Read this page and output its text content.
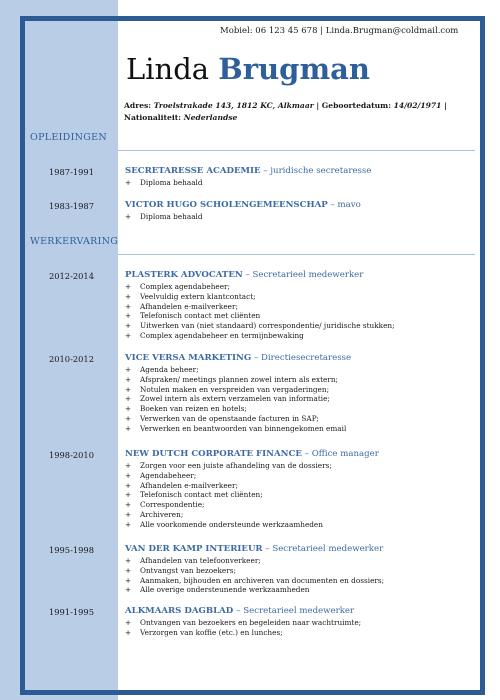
Mobiel: 06 123 45 678 | Linda.Brugman@coldmail.com
Linda Brugman
Adres: Troelstrakade 143, 1812 KC, Alkmaar | Geboortedatum: 14/02/1971 | Nationaliteit: Nederlandse
OPLEIDINGEN
WERKERVARING
1987-1991	SECRETARESSE ACADEMIE – juridische secretaresse
+ Diploma behaald
1983-1987	VICTOR HUGO SCHOLENGEMEENSCHAP – mavo
+ Diploma behaald
2012-2014	PLASTERK ADVOCATEN – Secretarieel medewerker
+ Complex agendabeheer;
+ Veelvuldig extern klantcontact;
+ Afhandelen e-mailverkeer;
+ Telefonisch contact met cliënten
+ Uitwerken van (niet standaard) correspondentie/ juridische stukken;
+ Complex agendabeheer en termijnbewaking
2010-2012	VICE VERSA MARKETING – Directiesecretaresse
+ Agenda beheer;
+ Afspraken/ meetings plannen zowel intern als extern;
+ Notulen maken en verspreiden van vergaderingen;
+ Zowel intern als extern verzamelen van informatie;
+ Boeken van reizen en hotels;
+ Verwerken van de openstaande facturen in SAP;
+ Verwerken en beantwoorden van binnengekomen email
1998-2010	NEW DUTCH CORPORATE FINANCE – Office manager
+ Zorgen voor een juiste afhandeling van de dossiers;
+ Agendabeheer;
+ Afhandelen e-mailverkeer;
+ Telefonisch contact met cliënten;
+ Correspondentie;
+ Archiveren;
+ Alle voorkomende ondersteunde werkzaamheden
1995-1998	VAN DER KAMP INTERIEUR – Secretarieel medewerker
+ Afhandelen van telefoonverkeer;
+ Ontvangst van bezoekers;
+ Aanmaken, bijhouden en archiveren van documenten en dossiers;
+ Alle overige ondersteunende werkzaamheden
1991-1995	ALKMAARS DAGBLAD – Secretarieel medewerker
+ Ontvangen van bezoekers en begeleiden naar wachtruimte;
+ Verzorgen van koffie (etc.) en lunches;
